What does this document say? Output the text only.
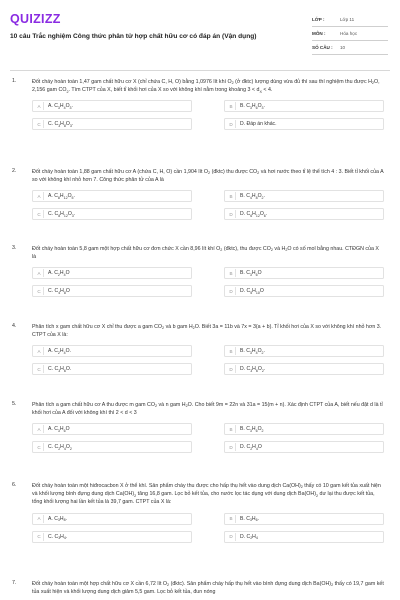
QUIZIZZ
10 câu Trắc nghiệm Công thức phân tử hợp chất hữu cơ có đáp án (Vận dụng)
LỚP :	Lớp 11
MÔN :	Hóa học
SỐ CÂU :	10
1.	Đốt cháy hoàn toàn 1,47 gam chất hữu cơ X (chỉ chứa C, H, O) bằng 1,0976 lít khí $O_2$ (ở đktc) lượng dùng vừa đủ thì sau thí nghiệm thu được $H_2O$, 2,156 gam $CO_2$. Tìm CTPT của X, biết tỉ khối hơi của X so với không khí nằm trong khoảng $3 < d_X < 4$.
A	A. $C_3H_4O_3$.	B	B. $C_3H_6O_3$.
C	C. $C_3H_8O_3$.	D	D. Đáp án khác.
2.	Đốt cháy hoàn toàn 1,88 gam chất hữu cơ A (chứa C, H, O) cần 1,904 lít $O_2$ (đktc) thu được $CO_2$ và hơi nước theo tỉ lệ thể tích 4 : 3. Biết tỉ khối của A so với không khí nhỏ hơn 7. Công thức phân tử của A là
A	A. $C_8H_{12}O_5$.	B	B. $C_4H_8O_2$.
C	C. $C_8H_{12}O_3$.	D	D. $C_6H_{12}O_6$.
3.	Đốt cháy hoàn toàn 5,8 gam một hợp chất hữu cơ đơn chức X cần 8,96 lít khí $O_2$ (đktc), thu được $CO_2$ và $H_2O$ có số mol bằng nhau. CTĐGN của X là
A	A. $C_2H_4O$	B	B. $C_3H_6O$
C	C. $C_4H_8O$	D	D. $C_5H_{10}O$
4.	Phân tích x gam chất hữu cơ X chỉ thu được a gam $CO_2$ và b gam $H_2O$. Biết 3a = 11b và 7x = 3(a + b). Tỉ khối hơi của X so với không khí nhỏ hơn 3. CTPT của X là:
A	A. $C_2H_4O$.	B	B. $C_3H_4O_2$.
C	C. $C_3H_6O$.	D	D. $C_3H_6O_2$.
5.	Phân tích a gam chất hữu cơ A thu được m gam $CO_2$ và n gam $H_2O$. Cho biết 9m = 22n và 31a = 15(m + n). Xác định CTPT của A, biết nếu đặt d là tỉ khối hơi của A đối với không khí thì 2 < d < 3
A	A. $C_3H_6O$	B	B. $C_3H_6O_2$
C	C. $C_2H_4O_2$	D	D. $C_2H_4O$
6.	Đốt cháy hoàn toàn một hiđrocacbon X ở thể khí. Sản phẩm cháy thu được cho hấp thụ hết vào dung dịch $Ca(OH)_2$ thấy có 10 gam kết tủa xuất hiện và khối lượng bình đựng dung dịch $Ca(OH)_2$ tăng 16,8 gam. Lọc bỏ kết tủa, cho nước lọc tác dụng với dung dịch $Ba(OH)_2$ dư lại thu được kết tủa, tổng khối lượng hai lần kết tủa là 39,7 gam. CTPT của X là:
A	A. $C_3H_8$.	B	B. $C_3H_6$.
C	C. $C_3H_4$.	D	D. $C_2H_4$
7.	Đốt cháy hoàn toàn một hợp chất hữu cơ X cần 6,72 lít $O_2$ (đktc). Sản phẩm cháy hấp thụ hết vào bình đựng dung dịch $Ba(OH)_2$ thấy có 19,7 gam kết tủa xuất hiện và khối lượng dung dịch giảm 5,5 gam. Lọc bỏ kết tủa, đun nóng
